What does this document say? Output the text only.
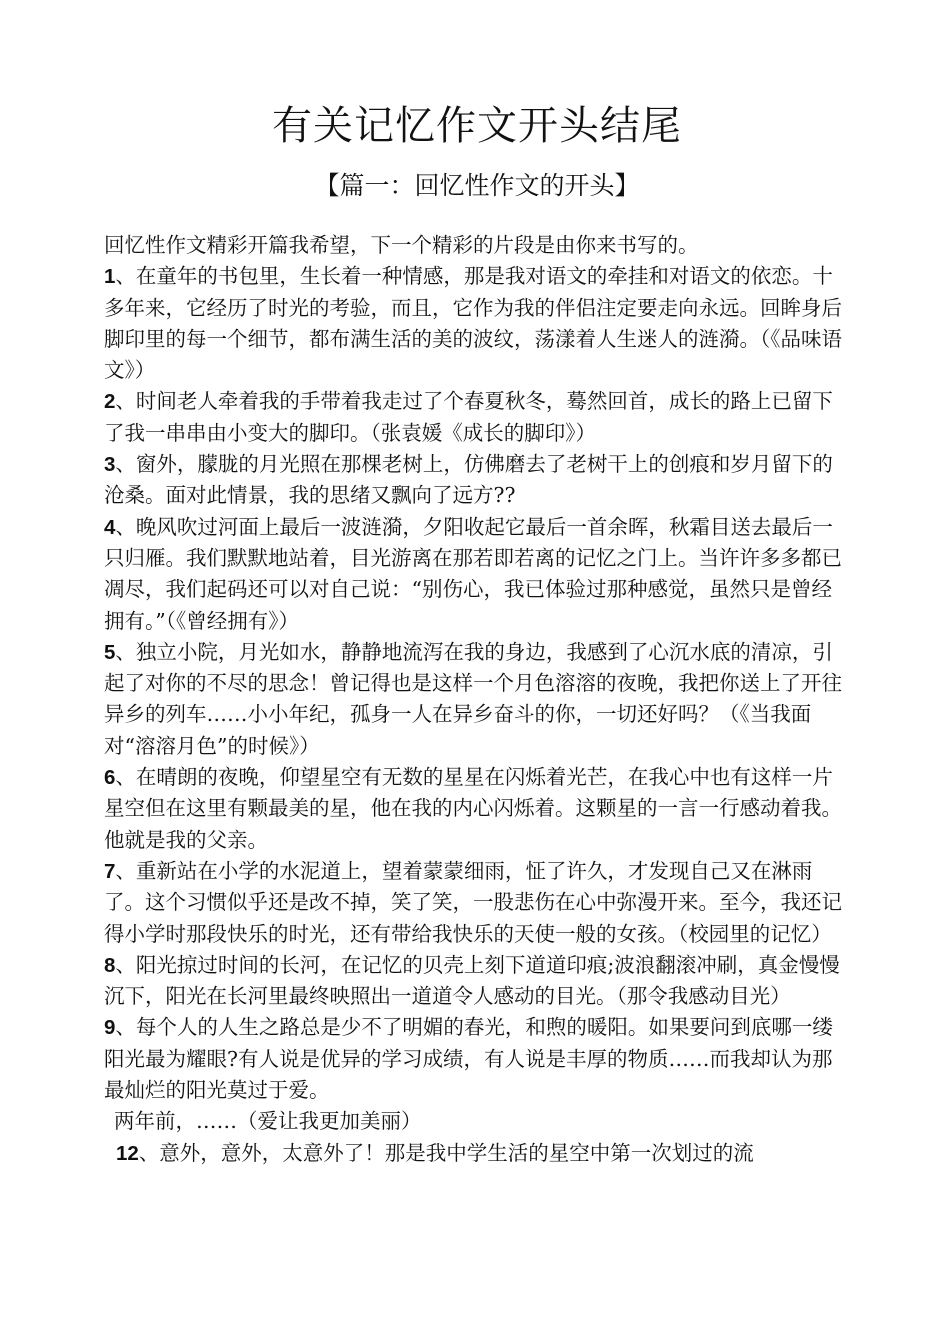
有关记忆作文开头结尾
【篇一：回忆性作文的开头】

回忆性作文精彩开篇我希望，下一个精彩的片段是由你来书写的。

1、在童年的书包里，生长着一种情感，那是我对语文的牵挂和对语文的依恋。十多年来，它经历了时光的考验，而且，它作为我的伴侣注定要走向永远。回眸身后脚印里的每一个细节，都布满生活的美的波纹，荡漾着人生迷人的涟漪。（《品味语文》）

2、时间老人牵着我的手带着我走过了个春夏秋冬，蓦然回首，成长的路上已留下了我一串串由小变大的脚印。（张袁媛《成长的脚印》）

3、窗外，朦胧的月光照在那棵老树上，仿佛磨去了老树干上的创痕和岁月留下的沧桑。面对此情景，我的思绪又飘向了远方??

4、晚风吹过河面上最后一波涟漪，夕阳收起它最后一首余晖，秋霜目送去最后一只归雁。我们默默地站着，目光游离在那若即若离的记忆之门上。当许许多多都已凋尽，我们起码还可以对自己说：“别伤心，我已体验过那种感觉，虽然只是曾经拥有。”（《曾经拥有》）

5、独立小院，月光如水，静静地流泻在我的身边，我感到了心沉水底的清凉，引起了对你的不尽的思念！曾记得也是这样一个月色溶溶的夜晚，我把你送上了开往异乡的列车……小小年纪，孤身一人在异乡奋斗的你，一切还好吗？（《当我面对“溶溶月色”的时候》）

6、在晴朗的夜晚，仰望星空有无数的星星在闪烁着光芒，在我心中也有这样一片星空但在这里有颗最美的星，他在我的内心闪烁着。这颗星的一言一行感动着我。他就是我的父亲。

7、重新站在小学的水泥道上，望着蒙蒙细雨，怔了许久，才发现自己又在淋雨了。这个习惯似乎还是改不掉，笑了笑，一股悲伤在心中弥漫开来。至今，我还记得小学时那段快乐的时光，还有带给我快乐的天使一般的女孩。（校园里的记忆）

8、阳光掠过时间的长河，在记忆的贝壳上刻下道道印痕;波浪翻滚冲刷，真金慢慢沉下，阳光在长河里最终映照出一道道令人感动的目光。（那令我感动目光）

9、每个人的人生之路总是少不了明媚的春光，和煦的暖阳。如果要问到底哪一缕阳光最为耀眼?有人说是优异的学习成绩，有人说是丰厚的物质……而我却认为那最灿烂的阳光莫过于爱。

两年前，……（爱让我更加美丽）

12、意外，意外，太意外了！那是我中学生活的星空中第一次划过的流
